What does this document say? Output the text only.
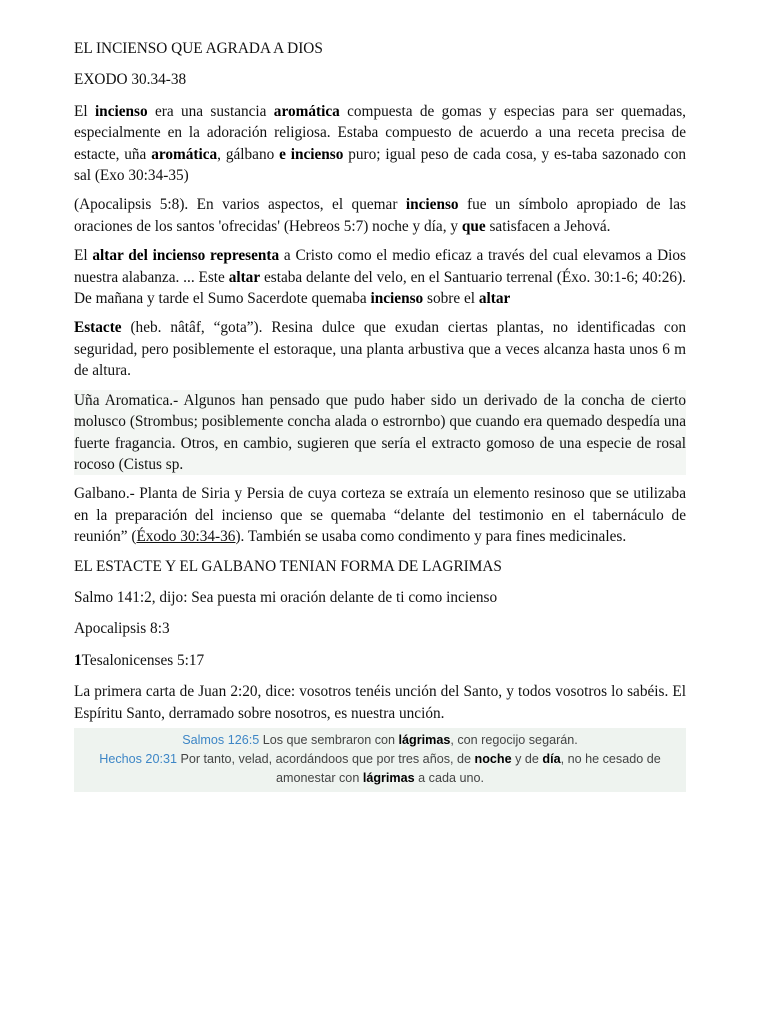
EL INCIENSO QUE AGRADA A DIOS

EXODO 30.34-38

El incienso era una sustancia aromática compuesta de gomas y especias para ser quemadas, especialmente en la adoración religiosa. Estaba compuesto de acuerdo a una receta precisa de estacte, uña aromática, gálbano e incienso puro; igual peso de cada cosa, y es-taba sazonado con sal (Exo 30:34-35)

(Apocalipsis 5:8). En varios aspectos, el quemar incienso fue un símbolo apropiado de las oraciones de los santos 'ofrecidas' (Hebreos 5:7) noche y día, y que satisfacen a Jehová.

El altar del incienso representa a Cristo como el medio eficaz a través del cual elevamos a Dios nuestra alabanza. ... Este altar estaba delante del velo, en el Santuario terrenal (Éxo. 30:1-6; 40:26). De mañana y tarde el Sumo Sacerdote quemaba incienso sobre el altar

Estacte (heb. nâtâf, “gota”). Resina dulce que exudan ciertas plantas, no identificadas con seguridad, pero posiblemente el estoraque, una planta arbustiva que a veces alcanza hasta unos 6 m de altura.

Uña Aromatica.- Algunos han pensado que pudo haber sido un derivado de la concha de cierto molusco (Strombus; posiblemente concha alada o estrornbo) que cuando era quemado despedía una fuerte fragancia. Otros, en cambio, sugieren que sería el extracto gomoso de una especie de rosal rocoso (Cistus sp.

Galbano.- Planta de Siria y Persia de cuya corteza se extraía un elemento resinoso que se utilizaba en la preparación del incienso que se quemaba “delante del testimonio en el tabernáculo de reunión” (Éxodo 30:34-36). También se usaba como condimento y para fines medicinales.

EL ESTACTE Y EL GALBANO TENIAN FORMA DE LAGRIMAS

Salmo 141:2, dijo: Sea puesta mi oración delante de ti como incienso

Apocalipsis 8:3

1Tesalonicenses 5:17

La primera carta de Juan 2:20, dice: vosotros tenéis unción del Santo, y todos vosotros lo sabéis. El Espíritu Santo, derramado sobre nosotros, es nuestra unción.

Salmos 126:5 Los que sembraron con lágrimas, con regocijo segarán.
Hechos 20:31 Por tanto, velad, acordándoos que por tres años, de noche y de día, no he cesado de amonestar con lágrimas a cada uno.
